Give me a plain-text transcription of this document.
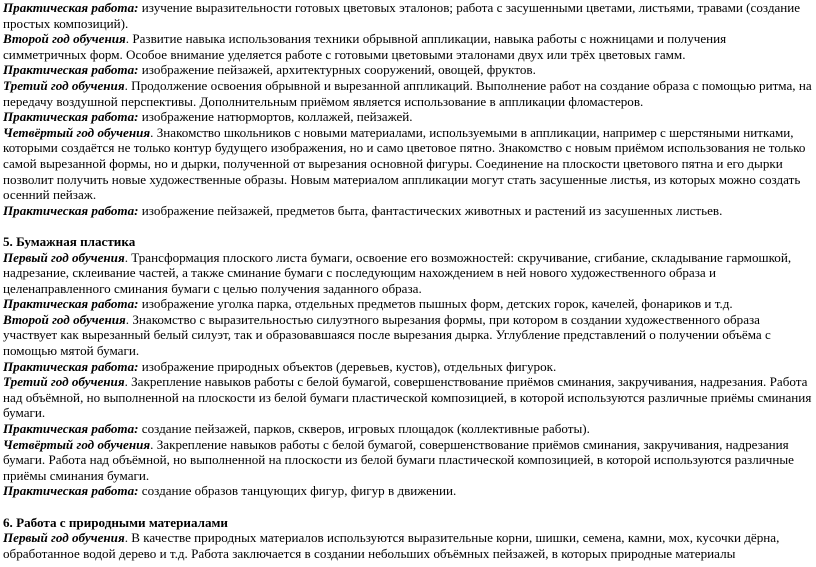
Практическая работа: изучение выразительности готовых цветовых эталонов; работа с засушенными цветами, листьями, травами (создание простых композиций).

Второй год обучения. Развитие навыка использования техники обрывной аппликации, навыка работы с ножницами и получения симметричных форм. Особое внимание уделяется работе с готовыми цветовыми эталонами двух или трёх цветовых гамм.

Практическая работа: изображение пейзажей, архитектурных сооружений, овощей, фруктов.

Третий год обучения. Продолжение освоения обрывной и вырезанной аппликаций. Выполнение работ на создание образа с помощью ритма, на передачу воздушной перспективы. Дополнительным приёмом является использование в аппликации фломастеров.

Практическая работа: изображение натюрмортов, коллажей, пейзажей.

Четвёртый год обучения. Знакомство школьников с новыми материалами, используемыми в аппликации, например с шерстяными нитками, которыми создаётся не только контур будущего изображения, но и само цветовое пятно. Знакомство с новым приёмом использования не только самой вырезанной формы, но и дырки, полученной от вырезания основной фигуры. Соединение на плоскости цветового пятна и его дырки позволит получить новые художественные образы. Новым материалом аппликации могут стать засушенные листья, из которых можно создать осенний пейзаж.

Практическая работа: изображение пейзажей, предметов быта, фантастических животных и растений из засушенных листьев.

5. Бумажная пластика

Первый год обучения. Трансформация плоского листа бумаги, освоение его возможностей: скручивание, сгибание, складывание гармошкой, надрезание, склеивание частей, а также сминание бумаги с последующим нахождением в ней нового художественного образа и целенаправленного сминания бумаги с целью получения заданного образа.

Практическая работа: изображение уголка парка, отдельных предметов пышных форм, детских горок, качелей, фонариков и т.д.

Второй год обучения. Знакомство с выразительностью силуэтного вырезания формы, при котором в создании художественного образа участвует как вырезанный белый силуэт, так и образовавшаяся после вырезания дырка. Углубление представлений о получении объёма с помощью мятой бумаги.

Практическая работа: изображение природных объектов (деревьев, кустов), отдельных фигурок.

Третий год обучения. Закрепление навыков работы с белой бумагой, совершенствование приёмов сминания, закручивания, надрезания. Работа над объёмной, но выполненной на плоскости из белой бумаги пластической композицией, в которой используются различные приёмы сминания бумаги.

Практическая работа: создание пейзажей, парков, скверов, игровых площадок (коллективные работы).

Четвёртый год обучения. Закрепление навыков работы с белой бумагой, совершенствование приёмов сминания, закручивания, надрезания бумаги. Работа над объёмной, но выполненной на плоскости из белой бумаги пластической композицией, в которой используются различные приёмы сминания бумаги.

Практическая работа: создание образов танцующих фигур, фигур в движении.

6. Работа с природными материалами

Первый год обучения. В качестве природных материалов используются выразительные корни, шишки, семена, камни, мох, кусочки дёрна, обработанное водой дерево и т.д. Работа заключается в создании небольших объёмных пейзажей, в которых природные материалы
